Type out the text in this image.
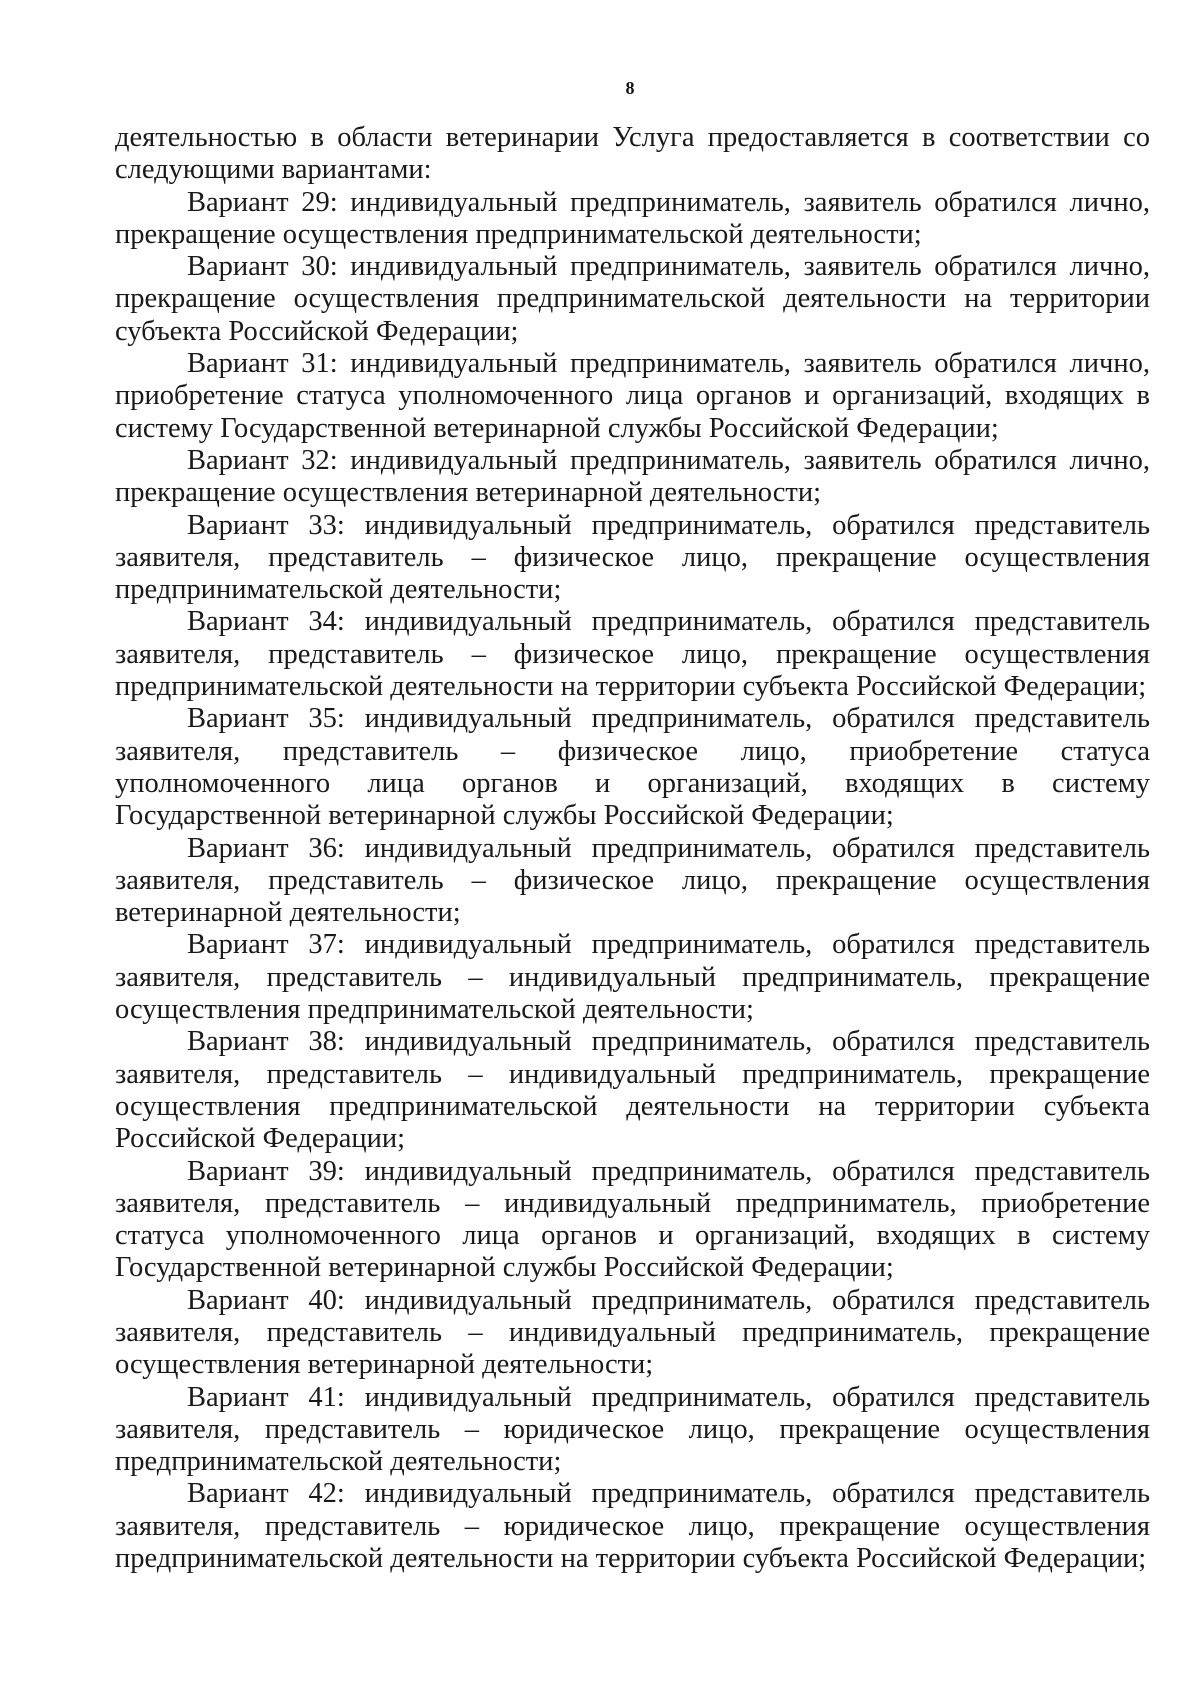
8

деятельностью в области ветеринарии Услуга предоставляется в соответствии со следующими вариантами:

Вариант 29: индивидуальный предприниматель, заявитель обратился лично, прекращение осуществления предпринимательской деятельности;

Вариант 30: индивидуальный предприниматель, заявитель обратился лично, прекращение осуществления предпринимательской деятельности на территории субъекта Российской Федерации;

Вариант 31: индивидуальный предприниматель, заявитель обратился лично, приобретение статуса уполномоченного лица органов и организаций, входящих в систему Государственной ветеринарной службы Российской Федерации;

Вариант 32: индивидуальный предприниматель, заявитель обратился лично, прекращение осуществления ветеринарной деятельности;

Вариант 33: индивидуальный предприниматель, обратился представитель заявителя, представитель – физическое лицо, прекращение осуществления предпринимательской деятельности;

Вариант 34: индивидуальный предприниматель, обратился представитель заявителя, представитель – физическое лицо, прекращение осуществления предпринимательской деятельности на территории субъекта Российской Федерации;

Вариант 35: индивидуальный предприниматель, обратился представитель заявителя, представитель – физическое лицо, приобретение статуса уполномоченного лица органов и организаций, входящих в систему Государственной ветеринарной службы Российской Федерации;

Вариант 36: индивидуальный предприниматель, обратился представитель заявителя, представитель – физическое лицо, прекращение осуществления ветеринарной деятельности;

Вариант 37: индивидуальный предприниматель, обратился представитель заявителя, представитель – индивидуальный предприниматель, прекращение осуществления предпринимательской деятельности;

Вариант 38: индивидуальный предприниматель, обратился представитель заявителя, представитель – индивидуальный предприниматель, прекращение осуществления предпринимательской деятельности на территории субъекта Российской Федерации;

Вариант 39: индивидуальный предприниматель, обратился представитель заявителя, представитель – индивидуальный предприниматель, приобретение статуса уполномоченного лица органов и организаций, входящих в систему Государственной ветеринарной службы Российской Федерации;

Вариант 40: индивидуальный предприниматель, обратился представитель заявителя, представитель – индивидуальный предприниматель, прекращение осуществления ветеринарной деятельности;

Вариант 41: индивидуальный предприниматель, обратился представитель заявителя, представитель – юридическое лицо, прекращение осуществления предпринимательской деятельности;

Вариант 42: индивидуальный предприниматель, обратился представитель заявителя, представитель – юридическое лицо, прекращение осуществления предпринимательской деятельности на территории субъекта Российской Федерации;
